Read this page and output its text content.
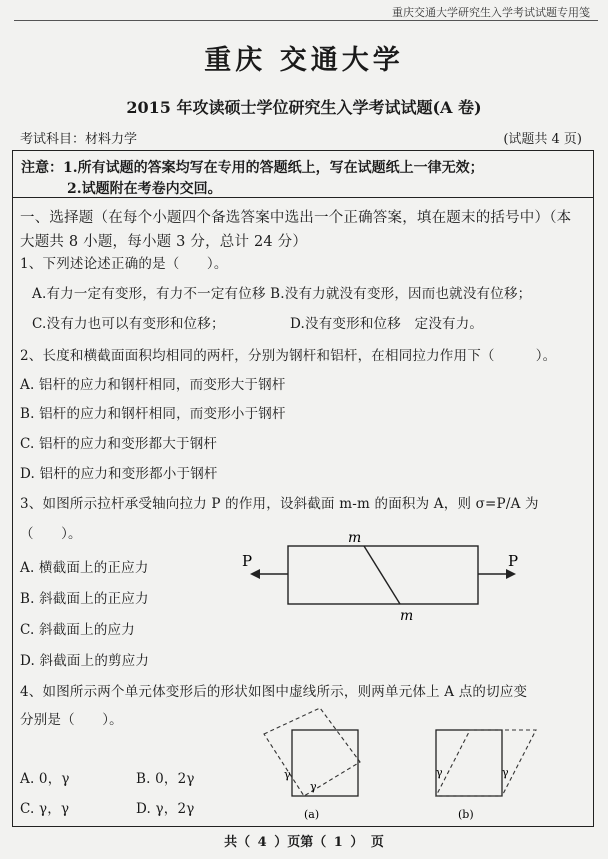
重庆交通大学研究生入学考试试题专用笺
重庆 交通大学
2015 年攻读硕士学位研究生入学考试试题(A 卷)
考试科目：材料力学	(试题共 4 页)
注意：1.所有试题的答案均写在专用的答题纸上，写在试题纸上一律无效；
2.试题附在考卷内交回。
一、选择题（在每个小题四个备选答案中选出一个正确答案，填在题末的括号中）（本
大题共 8 小题，每小题 3 分，总计 24 分）
1、下列述论述正确的是（　　）。
A.有力一定有变形，有力不一定有位移 B.没有力就没有变形，因而也就没有位移；
C.没有力也可以有变形和位移；	D.没有变形和位移　定没有力。
2、长度和横截面面积均相同的两杆，分别为钢杆和铝杆，在相同拉力作用下（　　　）。
A. 铝杆的应力和钢杆相同，而变形大于钢杆
B. 铝杆的应力和钢杆相同，而变形小于钢杆
C. 铝杆的应力和变形都大于钢杆
D. 铝杆的应力和变形都小于钢杆
3、如图所示拉杆承受轴向拉力 P 的作用，设斜截面 m-m 的面积为 A，则 σ=P/A 为
（　　）。
A. 横截面上的正应力
B. 斜截面上的正应力
C. 斜截面上的应力
D. 斜截面上的剪应力
P
m
m
P
4、如图所示两个单元体变形后的形状如图中虚线所示，则两单元体上 A 点的切应变
分别是（　　）。
A. 0，γ	B. 0，2γ
C. γ，γ	D. γ，2γ
γ
γ
(a)
γ	γ
(b)
共（ 4 ）页第（ 1 ） 页
